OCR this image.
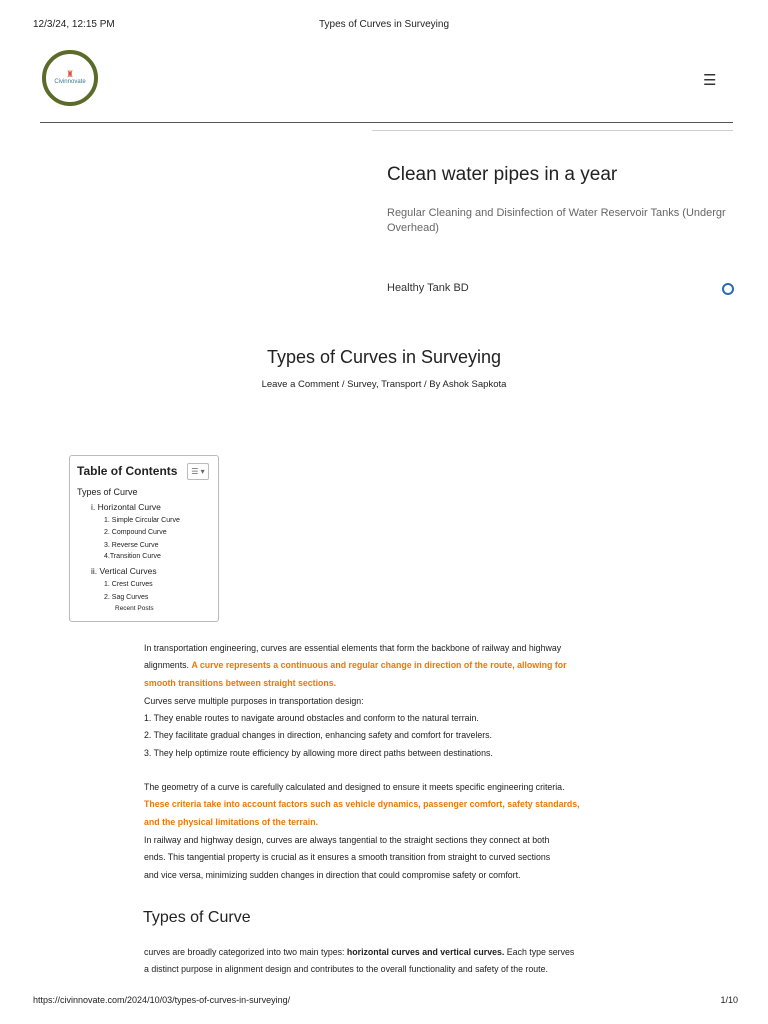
12/3/24, 12:15 PM	Types of Curves in Surveying
♜
Civinnovate	☰
Clean water pipes in a year
Regular Cleaning and Disinfection of Water Reservoir Tanks (Undergr
Overhead)
Healthy Tank BD
Types of Curves in Surveying
Leave a Comment / Survey, Transport / By Ashok Sapkota
Table of Contents	☰ ▾
Types of Curve
i. Horizontal Curve
1. Simple Circular Curve
2. Compound Curve
3. Reverse Curve
4.Transition Curve
ii. Vertical Curves
1. Crest Curves
2. Sag Curves
Recent Posts
In transportation engineering, curves are essential elements that form the backbone of railway and highway
alignments. A curve represents a continuous and regular change in direction of the route, allowing for
smooth transitions between straight sections.
Curves serve multiple purposes in transportation design:
1. They enable routes to navigate around obstacles and conform to the natural terrain.
2. They facilitate gradual changes in direction, enhancing safety and comfort for travelers.
3. They help optimize route efficiency by allowing more direct paths between destinations.
The geometry of a curve is carefully calculated and designed to ensure it meets specific engineering criteria.
These criteria take into account factors such as vehicle dynamics, passenger comfort, safety standards,
and the physical limitations of the terrain.
In railway and highway design, curves are always tangential to the straight sections they connect at both
ends. This tangential property is crucial as it ensures a smooth transition from straight to curved sections
and vice versa, minimizing sudden changes in direction that could compromise safety or comfort.
Types of Curve
curves are broadly categorized into two main types: horizontal curves and vertical curves. Each type serves
a distinct purpose in alignment design and contributes to the overall functionality and safety of the route.
https://civinnovate.com/2024/10/03/types-of-curves-in-surveying/	1/10
